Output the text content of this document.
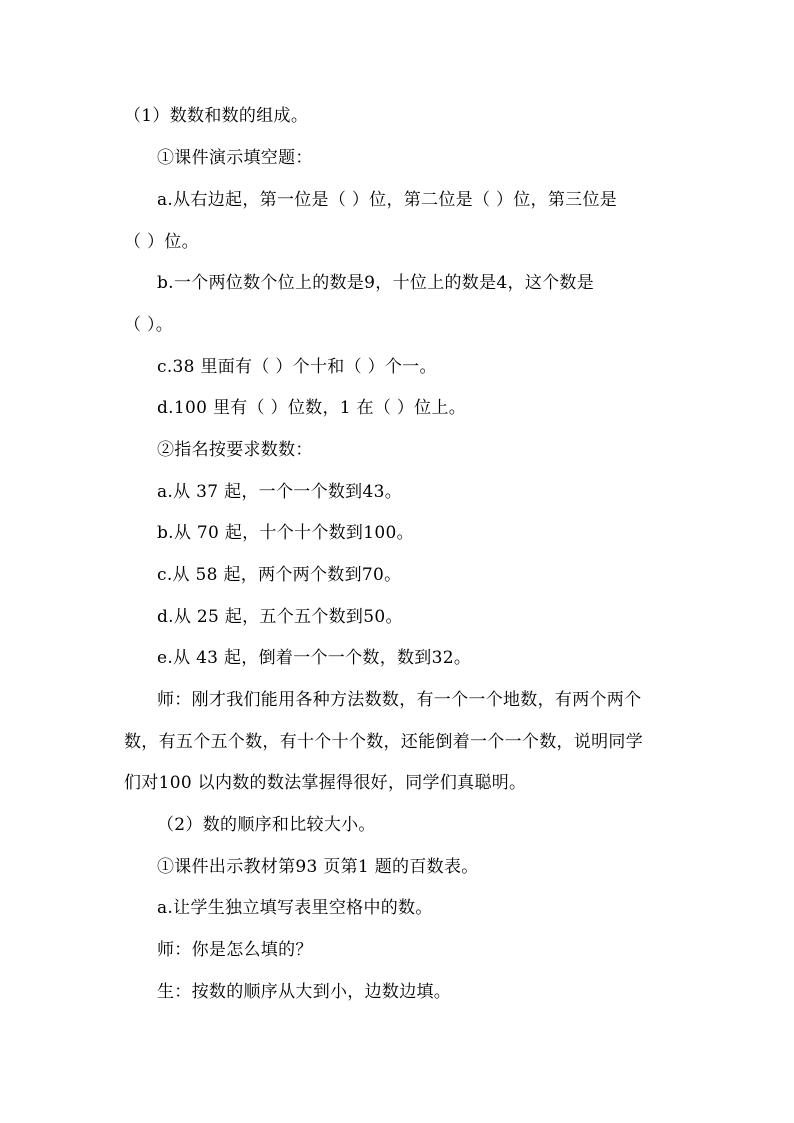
（1）数数和数的组成。
①课件演示填空题：
a.从右边起，第一位是（ ）位，第二位是（ ）位，第三位是
（ ）位。
b.一个两位数个位上的数是9，十位上的数是4，这个数是
（ ）。
c.38 里面有（ ）个十和（ ）个一。
d.100 里有（ ）位数，1 在（ ）位上。
②指名按要求数数：
a.从 37 起，一个一个数到43。
b.从 70 起，十个十个数到100。
c.从 58 起，两个两个数到70。
d.从 25 起，五个五个数到50。
e.从 43 起，倒着一个一个数，数到32。
师：刚才我们能用各种方法数数，有一个一个地数，有两个两个
数，有五个五个数，有十个十个数，还能倒着一个一个数，说明同学
们对100 以内数的数法掌握得很好，同学们真聪明。
（2）数的顺序和比较大小。
①课件出示教材第93 页第1 题的百数表。
a.让学生独立填写表里空格中的数。
师：你是怎么填的？
生：按数的顺序从大到小，边数边填。
